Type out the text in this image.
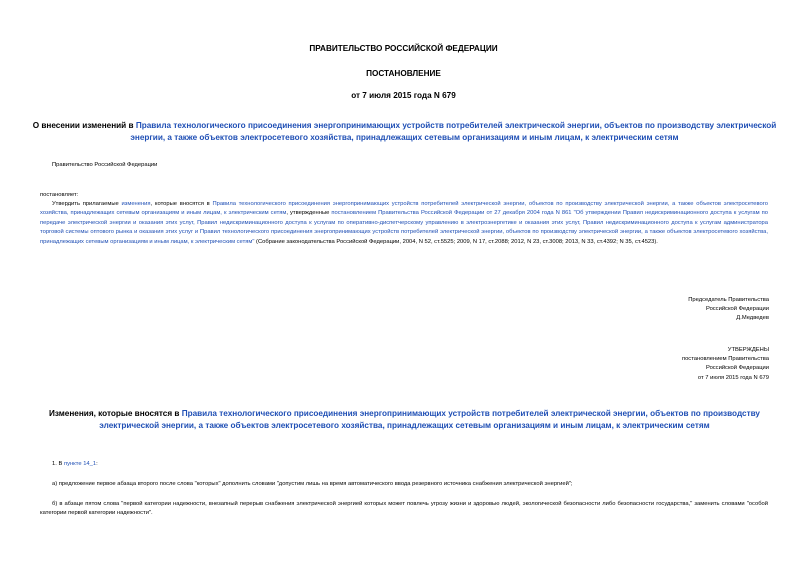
ПРАВИТЕЛЬСТВО РОССИЙСКОЙ ФЕДЕРАЦИИ
ПОСТАНОВЛЕНИЕ
от 7 июля 2015 года N 679
О внесении изменений в Правила технологического присоединения энергопринимающих устройств потребителей электрической энергии, объектов по производству электрической энергии, а также объектов электросетевого хозяйства, принадлежащих сетевым организациям и иным лицам, к электрическим сетям
Правительство Российской Федерации
постановляет:
Утвердить прилагаемые изменения, которые вносятся в Правила технологического присоединения энергопринимающих устройств потребителей электрической энергии, объектов по производству электрической энергии, а также объектов электросетевого хозяйства, принадлежащих сетевым организациям и иным лицам, к электрическим сетям, утвержденные постановлением Правительства Российской Федерации от 27 декабря 2004 года N 861 "Об утверждении Правил недискриминационного доступа к услугам по передаче электрической энергии и оказания этих услуг, Правил недискриминационного доступа к услугам по оперативно-диспетчерскому управлению в электроэнергетике и оказания этих услуг, Правил недискриминационного доступа к услугам администратора торговой системы оптового рынка и оказания этих услуг и Правил технологического присоединения энергопринимающих устройств потребителей электрической энергии, объектов по производству электрической энергии, а также объектов электросетевого хозяйства, принадлежащих сетевым организациям и иным лицам, к электрическим сетям" (Собрание законодательства Российской Федерации, 2004, N 52, ст.5525; 2009, N 17, ст.2088; 2012, N 23, ст.3008; 2013, N 33, ст.4392; N 35, ст.4523).
Председатель Правительства
Российской Федерации
Д.Медведев
УТВЕРЖДЕНЫ
постановлением Правительства
Российской Федерации
от 7 июля 2015 года N 679
Изменения, которые вносятся в Правила технологического присоединения энергопринимающих устройств потребителей электрической энергии, объектов по производству электрической энергии, а также объектов электросетевого хозяйства, принадлежащих сетевым организациям и иным лицам, к электрическим сетям
1. В пункте 14_1:
а) предложение первое абзаца второго после слова "которых" дополнить словами "допустим лишь на время автоматического ввода резервного источника снабжения электрической энергией";
б) в абзаце пятом слова "первой категории надежности, внезапный перерыв снабжения электрической энергией которых может повлечь угрозу жизни и здоровью людей, экологической безопасности либо безопасности государства," заменить словами "особой категории первой категории надежности".
